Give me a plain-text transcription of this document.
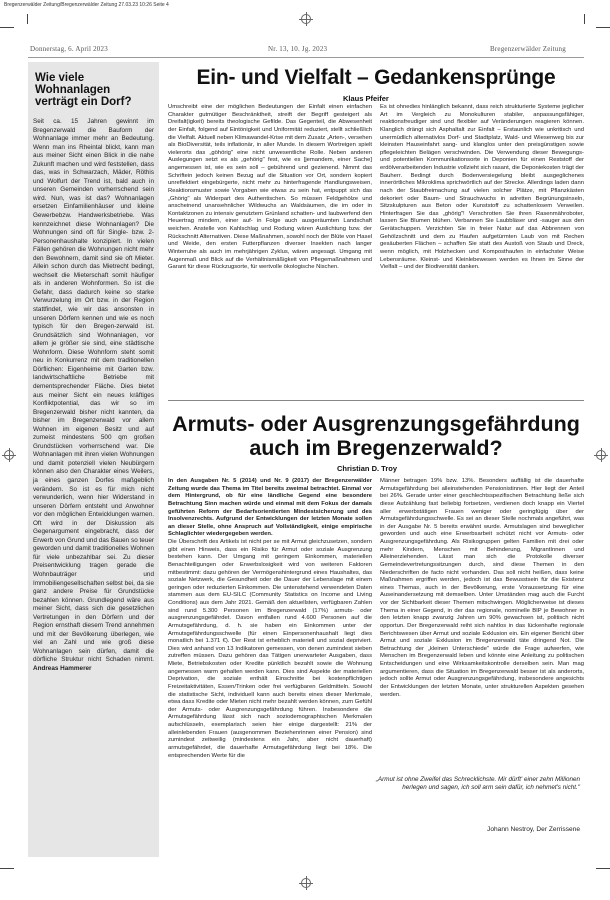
Bregenzerwälder Zeitung/Bregenzerwälder Zeitung 27.03.23 10:26 Seite 4
Donnerstag, 6. April 2023	Nr. 13, 10. Jg. 2023	Bregenzerwälder Zeitung
Wie viele Wohnanlagen verträgt ein Dorf?
Seit ca. 15 Jahren gewinnt im Bregenzerwald die Bauform der Wohnanlage immer mehr an Bedeutung. Wenn man ins Rheintal blickt, kann man aus meiner Sicht einen Blick in die nahe Zukunft machen und wird feststellen, dass das, was in Schwarzach, Mäder, Röthis und Wolfurt der Trend ist, bald auch in unseren Gemeinden vorherrschend sein wird. Nun, was ist das? Wohnanlagen ersetzen Einfamilienhäuser und kleine Gewerbebzw. Handwerksbetriebe. Was kennzeichnet diese Wohnanlagen? Die Wohnungen sind oft für Single- bzw. 2-Personenhaushalte konzipiert. In vielen Fällen gehören die Wohnungen nicht mehr den Bewohnern, damit sind sie oft Mieter. Allein schon durch das Mietrecht bedingt, wechselt die Mieterschaft somit häufiger als in anderen Wohnformen. So ist die Gefahr, dass dadurch keine so starke Verwurzelung im Ort bzw. in der Region stattfindet, wie wir das ansonsten in unseren Dörfern kennen und wie es noch typisch für den Bregen-zerwald ist. Grundsätzlich sind Wohnanlagen, vor allem je größer sie sind, eine städtische Wohnform. Diese Wohnform steht somit neu in Konkurrenz mit dem traditionellen Dörflichen: Eigenheime mit Garten bzw. landwirtschaftliche Betriebe mit dementsprechender Fläche. Dies bietet aus meiner Sicht ein neues kräftiges Konfliktpotential, das wir so im Bregenzerwald bisher nicht kannten, da bisher im Bregenzerwald vor allem Wohnen im eigenen Besitz und auf zumeist mindestens 500 qm großen Grundstücken vorherrschend war. Die Wohnanlagen mit ihren vielen Wohnungen und damit potenziell vielen Neubürgern können also den Charakter eines Weilers, ja eines ganzen Dorfes maßgeblich verändern. So ist es für mich nicht verwunderlich, wenn hier Widerstand in unseren Dörfern entsteht und Anwohner vor den möglichen Entwicklungen warnen. Oft wird in der Diskussion als Gegenargument eingebracht, dass der Erwerb von Grund und das Bauen so teuer geworden und damit traditionelles Wohnen für viele unbezahlbar sei. Zu dieser Preisentwicklung tragen gerade die Wohnbauträger und Immobiliengesellschaften selbst bei, da sie ganz andere Preise für Grundstücke bezahlen können. Grundlegend wäre aus meiner Sicht, dass sich die gesetzlichen Vertretungen in den Dörfern und der Region ernsthaft diesem Trend annehmen und mit der Bevölkerung überlegen, wie viel an Zahl und wie groß diese Wohnanlagen sein dürfen, damit die dörfliche Struktur nicht Schaden nimmt. Andreas Hammerer
Ein- und Vielfalt – Gedankensprünge
Klaus Pfeifer

Umschreibt eine der möglichen Bedeutungen der Einfalt einen einfachen Charakter gutmütiger Beschränktheit, streift der Begriff gesteigert als Dreifalt(igkeit) bereits theologische Gefilde. Das Gegenteil, die Abwesenheit der Einfalt, folgend auf Eintönigkeit und Uniformität reduziert, stellt schließlich die Vielfalt. Aktuell neben Klimawandel-Krise mit dem Zusatz „Arten-, versehen als BioDiversität, teils inflationär, in aller Munde. In diesem Wortreigen spielt vielerorts das „göhörig" eine nicht unwesentliche Rolle. Neben anderen Auslegungen setzt es als „gehörig" fest, wie es [jemandem, einer Sache] angemessen ist, wie es sein soll – gebührend und gezienend. Nimmt das Schriftein jedoch keinen Bezug auf die Situation vor Ort, sondern kopiert unreflektiert eingebürgerte, nicht mehr zu hinterfragende Handlungsweisen, Reaktionsmuster sowie Vorgaben wie etwas zu sein hat, entpuppt sich das „Ghörig" als Widerpart des Authentischen. So müssen Feldgehölze und anscheinend unansehnlicher Wildwuchs an Waldsäumen, die im oder in Kontaktzonen zu intensiv genutztem Grünland schatten- und laubwerfend den Heuertrag mindern, einer auf- in Folge auch ausgeräumten Landschaft weichen. Anstelle von Kahlschlag und Rodung wären Auslichtung bzw. der Rückschnitt Alternativen. Diese Maßnahmen, sowohl noch der Blüte von Hasel und Weide, den ersten Futterpflanzen diverser Insekten nach langer Winterruhe als auch im mehrjährigen Zyklus, wären angesagt. Umgang mit Augenmaß und Blick auf die Verhältnismäßigkeit von Pflegemaßnahmen und Garant für diese Rückzugsorte, für wertvolle ökologische Nischen.

Es ist ohnedies hinlänglich bekannt, dass reich strukturierte Systeme jeglicher Art im Vergleich zu Monokulturen stabiler, anpassungsfähiger, reaktionsfreudiger sind und flexibler auf Veränderungen reagieren können. Klanglich drängt sich Asphaltalt zur Einfalt – Erstaunlich wie unkritisch und unermüdlich alternativlos Dorf- und Stadtplatz, Wald- und Wiesenweg bis zur kleinsten Hauseinfahrt sang- und klanglos unter den preisgünstigen sowie pflegeleichten Belägen verschwinden. Die Verwendung dieser Bewegungs- und potentiellen Kommunikationsorte in Deponien für einen Reststoff der erdölverarbeitenden Industrie vollzieht sich rasant, die Deponiekosten trägt der Bauherr. Bedingt durch Bodenversiegelung bleibt ausgeglichenes innerörtliches Mikroklima sprichwörtlich auf der Strecke. Allerdings laden dann nach der Staubfreimachung auf vielen solcher Plätze, mit Pflanzkästen dekoriert oder Baum- und Strauchwuchs in adretten Begrünungsinseln, Sitzskulpturen aus Beton oder Kunststoff zu schattenlosem Verweilen. Hinterfragen Sie das „ghörig"! Verschrotten Sie ihren Rasenmähroboter, lassen Sie Blumen blühen. Verbannen Sie Laubbläser und -sauger aus den Gerätschuppen. Verzichten Sie in freier Natur auf das Abbrennen von Gehölzschnitt und dem zu Haufen aufgetürmten Laub von mit Rechen gesäuberten Flächen – schaffen Sie statt des Austoß von Staub und Dreck, wenn möglich, mit Holzhecken und Komposthaufen in einfachster Weise Lebensräume. Kleinst- und Kleinlebewesen werden es Ihnen im Sinne der Vielfalt – und der Biodiversität danken.

Armuts- oder Ausgrenzungsgefährdung auch im Bregenzerwald?
Christian D. Troy

In den Ausgaben Nr. 5 (2014) und Nr. 9 (2017) der Bregenzerwälder Zeitung wurde das Thema im Titel bereits zweimal betrachtet. Einmal vor dem Hintergrund, ob für eine ländliche Gegend eine besondere Betrachtung Sinn machen würde und einmal mit dem Fokus der damals geführten Reform der Bedarfsorientierten Mindestsicherung und des Insolvenzrechts. Aufgrund der Entwicklungen der letzten Monate sollen an dieser Stelle, ohne Anspruch auf Vollständigkeit, einige empirische Schlaglichter wiedergegeben werden.

Die Überschrift des Artikels ist nicht per se mit Armut gleichzusetzen, sondern gibt einen Hinweis, dass ein Risiko für Armut oder soziale Ausgrenzung bestehen kann. Der Umgang mit geringem Einkommen, materiellen Benachteiligungen oder Erwerbslosigkeit wird von weiteren Faktoren mitbestimmt: dazu gehören der Vermögenshintergrund eines Haushaltes, das soziale Netzwerk, die Gesundheit oder die Dauer der Lebenslage mit einem geringen oder reduzierten Einkommen. Die untenstehend verwendeten Daten stammen aus dem EU-SILC (Community Statistics on Income and Living Conditions) aus dem Jahr 2021. Gemäß den aktuellsten, verfügbaren Zahlen sind rund 5.300 Personen im Bregenzerwald (17%) armuts- oder ausgrenzungsgefährdet. Davon entfallen rund 4.600 Personen auf die Armutsgefährdung, d. h. sie haben ein Einkommen unter der Armutsgefährdungsschwelle (für einen Einpersonenhaushalt liegt dies monatlich bei 1.371 €). Der Rest ist erheblich materiell und sozial depriviert. Dies wird anhand von 13 Indikatoren gemessen, von denen zumindest sieben zutreffen müssen. Dazu gehören das Tätigen unerwarteter Ausgaben, dass Miete, Betriebskosten oder Kredite pünktlich bezahlt sowie die Wohnung angemessen warm gehalten werden kann. Dies sind Aspekte der materiellen Deprivation, die soziale enthält Einschnitte bei kostenpflichtigen Freizeitaktivitäten, Essen/Trinken oder frei verfügbaren Geldmitteln. Sowohl die statistische Sicht, individuell kann auch bereits eines dieser Merkmale, etwa dass Kredite oder Mieten nicht mehr bezahlt werden können, zum Gefühl der Armuts- oder Ausgrenzungsgefährdung führen. Insbesondere die Armutsgefährdung lässt sich nach soziodemographischen Merkmalen aufschlüsseln, exemplarisch seien hier einige dargestellt: 21% der alleinlebenden Frauen (ausgenommen Beziehenrinnen einer Pension) sind zumindest zeitweilig (mindestens ein Jahr, aber nicht dauerhaft) armutsgefährdet, die dauerhafte Armutsgefährdung liegt bei 18%. Die entsprechenden Werte für die

Männer betragen 19% bzw. 13%. Besonders auffällig ist die dauerhafte Armutsgefährdung bei alleinstehenden Pensionistinnen. Hier liegt der Anteil bei 26%. Gerade unter einer geschlechtsspezifischen Betrachtung ließe sich diese Aufzählung fast beliebig fortsetzen, verdienen doch knapp ein Viertel aller erwerbstätigen Frauen weniger oder geringfügig über der Armutsgefährdungsschwelle. Es sei an dieser Stelle nochmals angeführt, was in der Ausgabe Nr. 5 bereits erwähnt wurde. Armutslagen sind beweglicher geworden und auch eine Erwerbsarbeit schützt nicht vor Armuts- oder Ausgrenzungsgefährdung. Als Risikogruppen gelten Familien mit drei oder mehr Kindern, Menschen mit Behinderung, MigrantInnen und Alleinerziehenden. Lässt man sich die Protokolle diverser Gemeindevertretungssitzungen durch, sind diese Themen in den Niederschriften de facto nicht vorhanden. Das soll nicht heißen, dass keine Maßnahmen ergriffen werden, jedoch ist das Bewusstsein für die Existenz eines Themas, auch in der Bevölkerung, erste Voraussetzung für eine Auseinandersetzung mit demselben. Unter Umständen mag auch die Furcht vor der Sichtbarkeit dieser Themen mitschwingen. Möglicherweise ist dieses Thema in einer Gegend, in der das regionale, nominelle BIP je Bewohner in den letzten knapp zwanzig Jahren um 90% gewachsen ist, politisch nicht opportun. Der Bregenzerwald reiht sich nahtlos in das lückenhafte regionale Berichtswesen über Armut und soziale Exklusion ein. Ein eigener Bericht über Armut und soziale Exklusion im Bregenzerwald täte dringend Not. Die Betrachtung der „kleinen Unterschiede" würde die Frage aufwerfen, wie Menschen im Bregenzerwald leben und könnte eine Anleitung zu politischen Entscheidungen und eine Wirksamkeitskontrolle derselben sein. Man mag argumentieren, dass die Situation im Bregenzerwald besser ist als anderorts, jedoch sollte Armut oder Ausgrenzungsgefährdung, insbesondere angesichts der Entwicklungen der letzten Monate, unter strukturellen Aspekten gesehen werden.

„Armut ist ohne Zweifel das Schrecklichste. Mir dürft' einer zehn Millionen herlegen und sagen, ich soll arm sein dafür, ich nehmet's nicht."
Johann Nestroy, Der Zerrissene
